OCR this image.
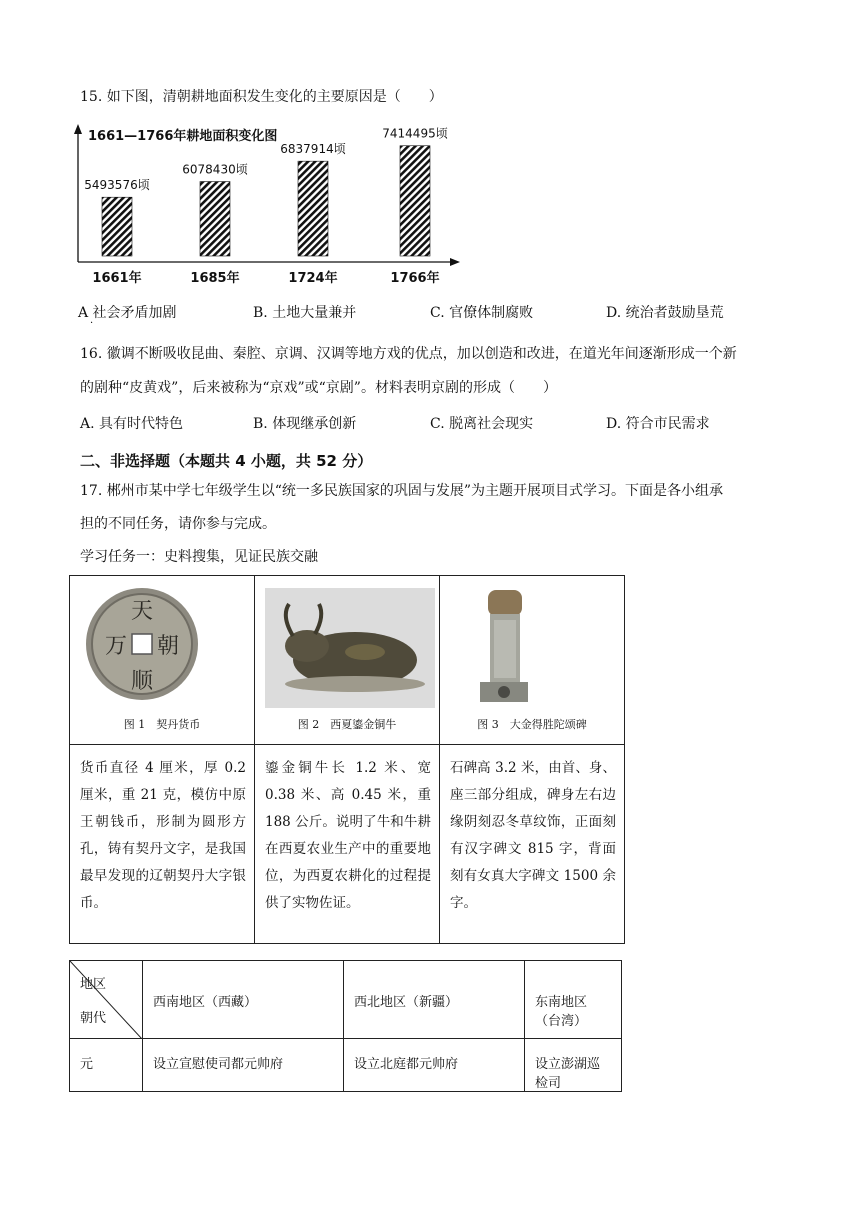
15. 如下图，清朝耕地面积发生变化的主要原因是（　　）
1661—1766年耕地面积变化图
5493576顷
1661年
6078430顷
1685年
6837914顷
1724年
7414495顷
1766年
A 社会矛盾加剧
·
B. 土地大量兼并	C. 官僚体制腐败	D. 统治者鼓励垦荒
16. 徽调不断吸收昆曲、秦腔、京调、汉调等地方戏的优点，加以创造和改进，在道光年间逐渐形成一个新
的剧种“皮黄戏”，后来被称为“京戏”或“京剧”。材料表明京剧的形成（　　）
A. 具有时代特色	B. 体现继承创新	C. 脱离社会现实	D. 符合市民需求
二、非选择题（本题共 4 小题，共 52 分）
17. 郴州市某中学七年级学生以“统一多民族国家的巩固与发展”为主题开展项目式学习。下面是各小组承
担的不同任务，请你参与完成。
学习任务一：史料搜集，见证民族交融
天
朝
万
顺
图 1　契丹货币	图 2　西夏鎏金铜牛	图 3　大金得胜陀颂碑

货币直径 4 厘米，厚 0.2 厘米，重 21 克，模仿中原王朝钱币，形制为圆形方孔，铸有契丹文字，是我国最早发现的辽朝契丹大字银币。	鎏金铜牛长 1.2 米、宽 0.38 米、高 0.45 米，重 188 公斤。说明了牛和牛耕在西夏农业生产中的重要地位，为西夏农耕化的过程提供了实物佐证。	石碑高 3.2 米，由首、身、座三部分组成，碑身左右边缘阴刻忍冬草纹饰，正面刻有汉字碑文 815 字，背面刻有女真大字碑文 1500 余字。
地区
朝代	西南地区（西藏）	西北地区（新疆）	东南地区（台湾）
元	设立宣慰使司都元帅府	设立北庭都元帅府	设立澎湖巡检司
